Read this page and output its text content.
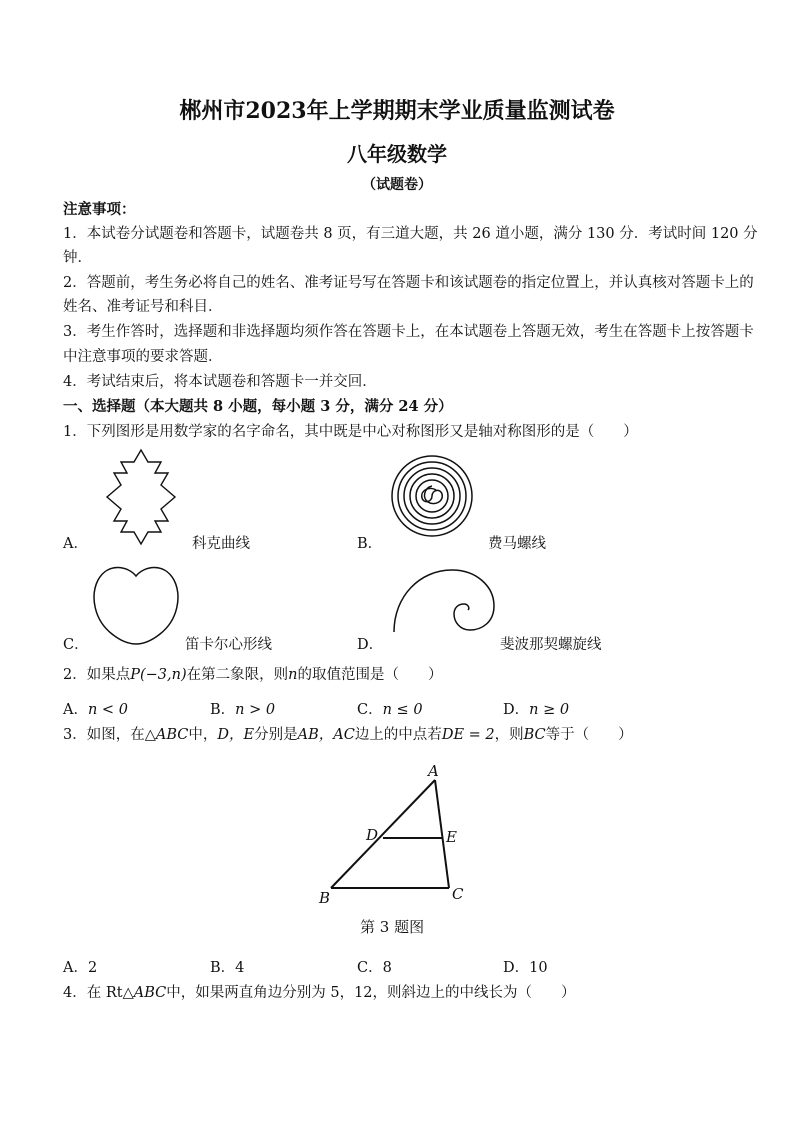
郴州市2023年上学期期末学业质量监测试卷
八年级数学
（试题卷）
注意事项：
1．本试卷分试题卷和答题卡，试题卷共 8 页，有三道大题，共 26 道小题，满分 130 分．考试时间 120 分
钟．
2．答题前，考生务必将自己的姓名、准考证号写在答题卡和该试题卷的指定位置上，并认真核对答题卡上的
姓名、准考证号和科目．
3．考生作答时，选择题和非选择题均须作答在答题卡上，在本试题卷上答题无效，考生在答题卡上按答题卡
中注意事项的要求答题．
4．考试结束后，将本试题卷和答题卡一并交回．
一、选择题（本大题共 8 小题，每小题 3 分，满分 24 分）
1．下列图形是用数学家的名字命名，其中既是中心对称图形又是轴对称图形的是（　　）
A．	科克曲线	B．	费马螺线
C．	笛卡尔心形线	D．	斐波那契螺旋线
2．如果点P(−3,n)在第二象限，则n的取值范围是（　　）
A．n < 0	B．n > 0	C．n ≤ 0	D．n ≥ 0
3．如图，在△ABC中，D，E分别是AB，AC边上的中点若DE = 2，则BC等于（　　）
A
D	E
B	C
第 3 题图
A．2	B．4	C．8	D．10
4．在 Rt△ABC中，如果两直角边分别为 5，12，则斜边上的中线长为（　　）
